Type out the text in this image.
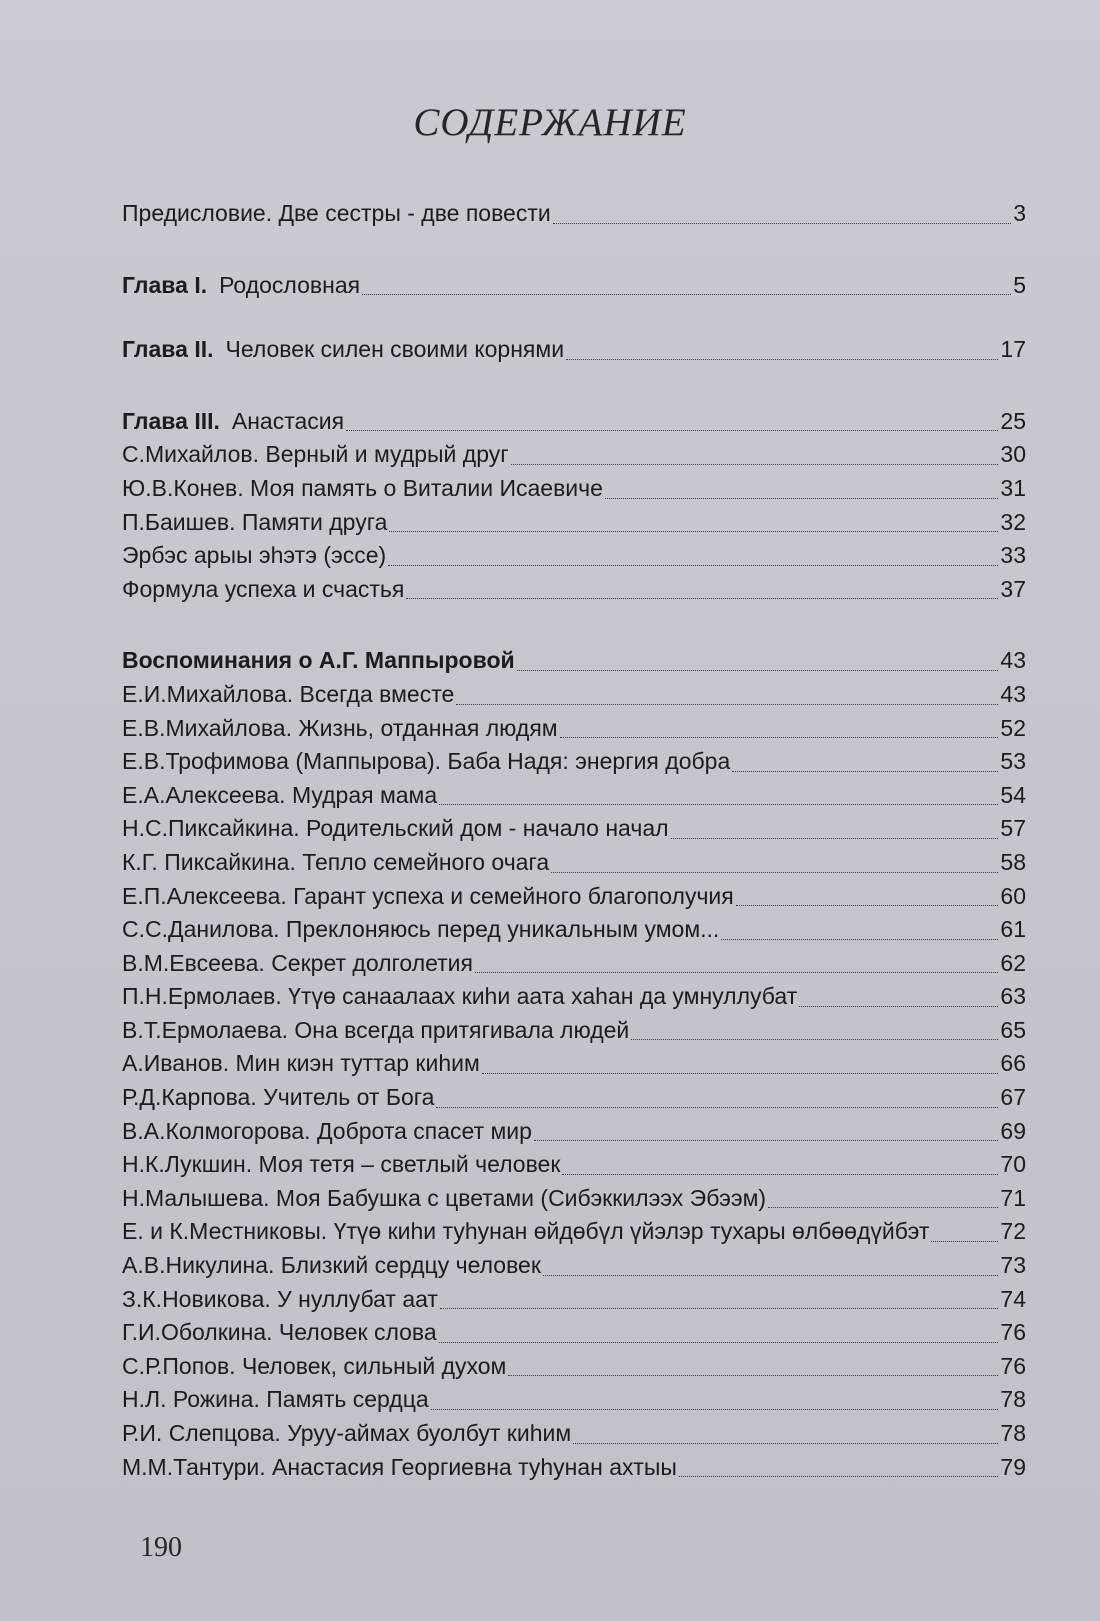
СОДЕРЖАНИЕ
Предисловие. Две сестры - две повести	3
Глава I. Родословная	5
Глава II. Человек силен своими корнями	17
Глава III. Анастасия	25
С.Михайлов. Верный и мудрый друг	30
Ю.В.Конев. Моя память о Виталии Исаевиче	31
П.Баишев. Памяти друга	32
Эрбэс арыы эһэтэ (эссе)	33
Формула успеха и счастья	37
Воспоминания о А.Г. Маппыровой	43
Е.И.Михайлова. Всегда вместе	43
Е.В.Михайлова. Жизнь, отданная людям	52
Е.В.Трофимова (Маппырова). Баба Надя: энергия добра	53
Е.А.Алексеева. Мудрая мама	54
Н.С.Пиксайкина. Родительский дом - начало начал	57
К.Г. Пиксайкина. Тепло семейного очага	58
Е.П.Алексеева. Гарант успеха и семейного благополучия	60
С.С.Данилова. Преклоняюсь перед уникальным умом...	61
В.М.Евсеева. Секрет долголетия	62
П.Н.Ермолаев. Үтүө санаалаах киһи аата хаһан да умнуллубат	63
В.Т.Ермолаева. Она всегда притягивала людей	65
А.Иванов. Мин киэн туттар киһим	66
Р.Д.Карпова. Учитель от Бога	67
В.А.Колмогорова. Доброта спасет мир	69
Н.К.Лукшин. Моя тетя – светлый человек	70
Н.Малышева. Моя Бабушка с цветами (Сибэккилээх Эбээм)	71
Е. и К.Местниковы. Үтүө киһи туһунан өйдөбүл үйэлэр тухары өлбөөдүйбэт	72
А.В.Никулина. Близкий сердцу человек	73
З.К.Новикова. У нуллубат аат	74
Г.И.Оболкина. Человек слова	76
С.Р.Попов. Человек, сильный духом	76
Н.Л. Рожина. Память сердца	78
Р.И. Слепцова. Уруу-аймах буолбут киһим	78
М.М.Тантури. Анастасия Георгиевна туһунан ахтыы	79
190
